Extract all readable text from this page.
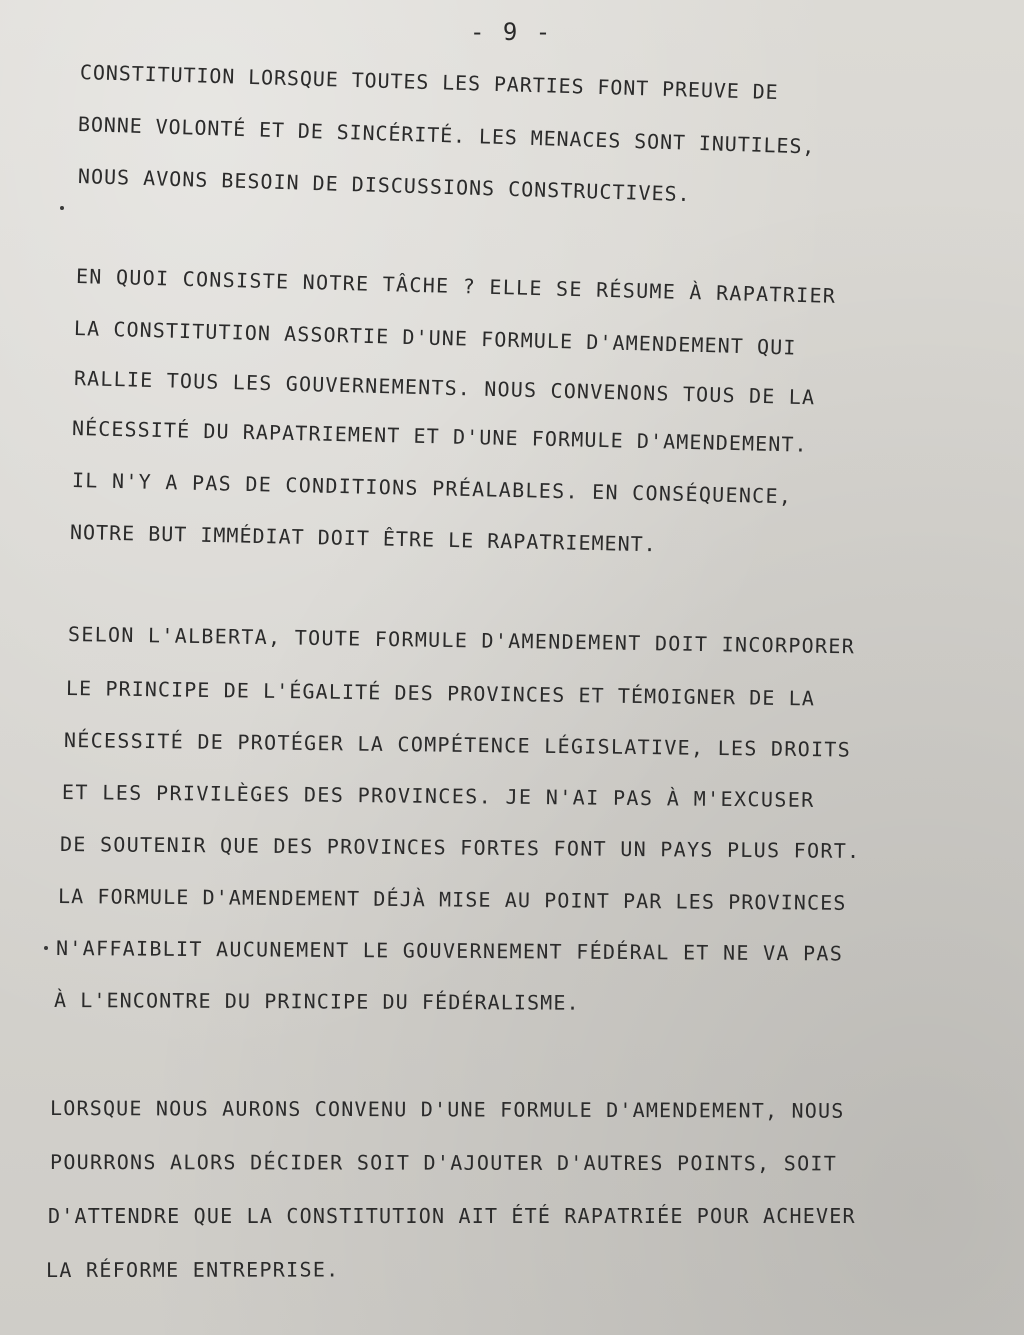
- 9 -
CONSTITUTION LORSQUE TOUTES LES PARTIES FONT PREUVE DE
BONNE VOLONTÉ ET DE SINCÉRITÉ. LES MENACES SONT INUTILES,
NOUS AVONS BESOIN DE DISCUSSIONS CONSTRUCTIVES.
EN QUOI CONSISTE NOTRE TÂCHE ? ELLE SE RÉSUME À RAPATRIER
LA CONSTITUTION ASSORTIE D'UNE FORMULE D'AMENDEMENT QUI
RALLIE TOUS LES GOUVERNEMENTS. NOUS CONVENONS TOUS DE LA
NÉCESSITÉ DU RAPATRIEMENT ET D'UNE FORMULE D'AMENDEMENT.
IL N'Y A PAS DE CONDITIONS PRÉALABLES. EN CONSÉQUENCE,
NOTRE BUT IMMÉDIAT DOIT ÊTRE LE RAPATRIEMENT.
SELON L'ALBERTA, TOUTE FORMULE D'AMENDEMENT DOIT INCORPORER
LE PRINCIPE DE L'ÉGALITÉ DES PROVINCES ET TÉMOIGNER DE LA
NÉCESSITÉ DE PROTÉGER LA COMPÉTENCE LÉGISLATIVE, LES DROITS
ET LES PRIVILÈGES DES PROVINCES. JE N'AI PAS À M'EXCUSER
DE SOUTENIR QUE DES PROVINCES FORTES FONT UN PAYS PLUS FORT.
LA FORMULE D'AMENDEMENT DÉJÀ MISE AU POINT PAR LES PROVINCES
N'AFFAIBLIT AUCUNEMENT LE GOUVERNEMENT FÉDÉRAL ET NE VA PAS
À L'ENCONTRE DU PRINCIPE DU FÉDÉRALISME.
LORSQUE NOUS AURONS CONVENU D'UNE FORMULE D'AMENDEMENT, NOUS
POURRONS ALORS DÉCIDER SOIT D'AJOUTER D'AUTRES POINTS, SOIT
D'ATTENDRE QUE LA CONSTITUTION AIT ÉTÉ RAPATRIÉE POUR ACHEVER
LA RÉFORME ENTREPRISE.
